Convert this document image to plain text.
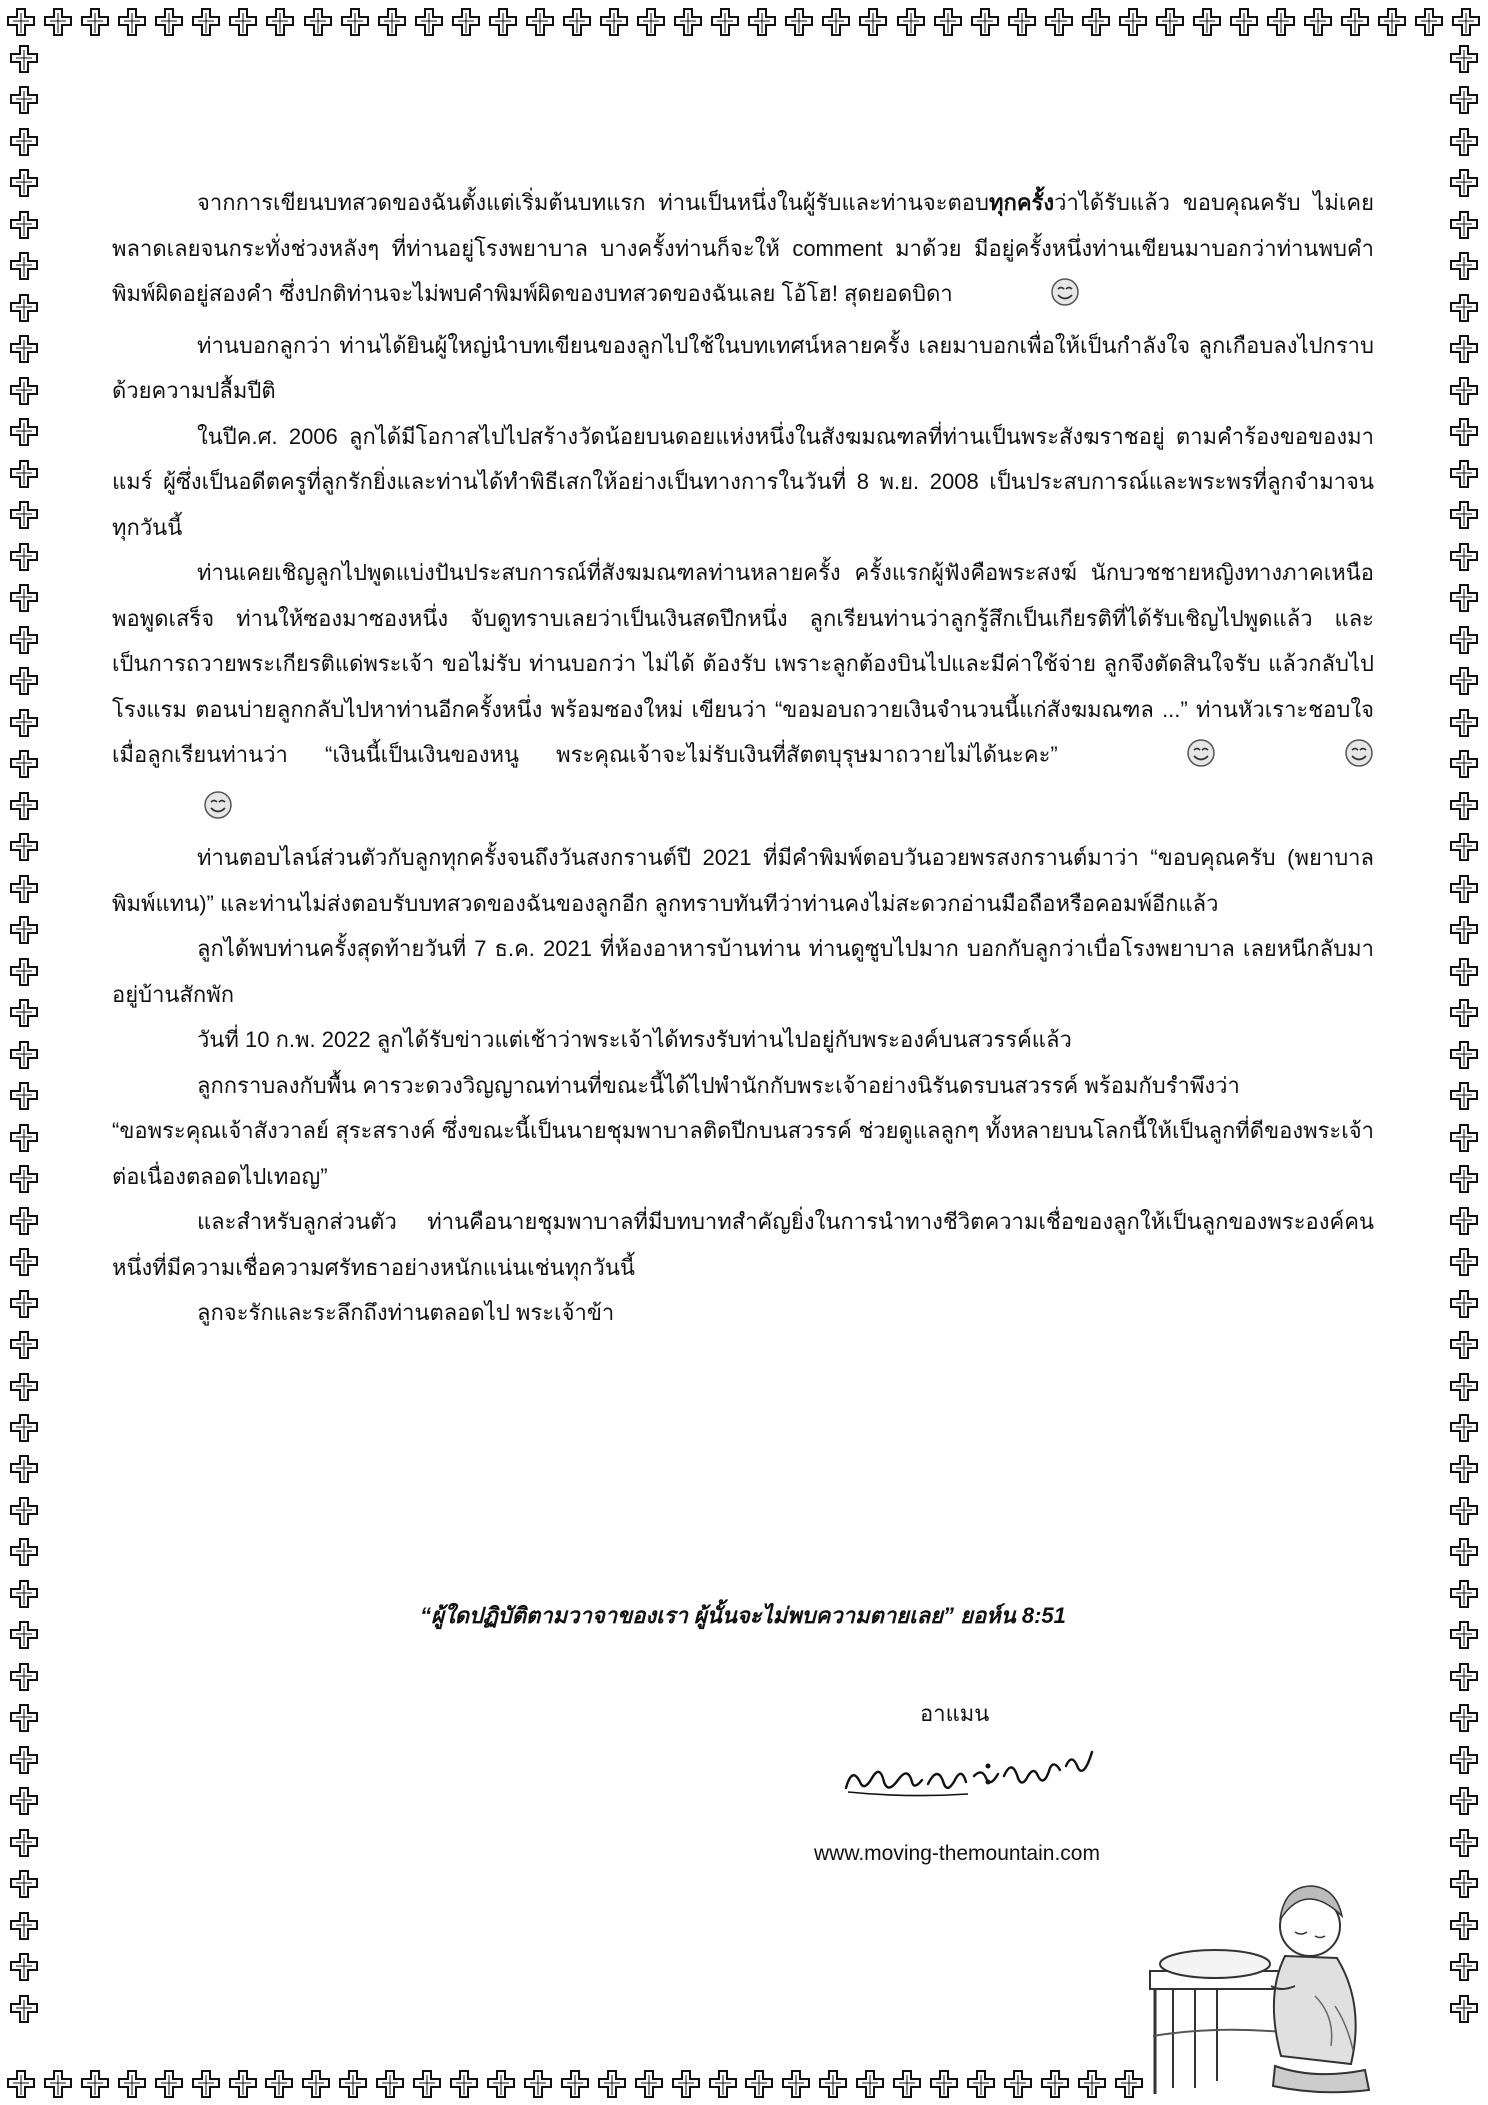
จากการเขียนบทสวดของฉันตั้งแต่เริ่มต้นบทแรก ท่านเป็นหนึ่งในผู้รับและท่านจะตอบทุกครั้งว่าได้รับแล้ว ขอบคุณครับ ไม่เคยพลาดเลยจนกระทั่งช่วงหลังๆ ที่ท่านอยู่โรงพยาบาล บางครั้งท่านก็จะให้ comment มาด้วย มีอยู่ครั้งหนึ่งท่านเขียนมาบอกว่าท่านพบคำพิมพ์ผิดอยู่สองคำ ซึ่งปกติท่านจะไม่พบคำพิมพ์ผิดของบทสวดของฉันเลย โอ้โฮ! สุดยอดบิดา

ท่านบอกลูกว่า ท่านได้ยินผู้ใหญ่นำบทเขียนของลูกไปใช้ในบทเทศน์หลายครั้ง เลยมาบอกเพื่อให้เป็นกำลังใจ ลูกเกือบลงไปกราบด้วยความปลื้มปีติ

ในปีค.ศ. 2006 ลูกได้มีโอกาสไปไปสร้างวัดน้อยบนดอยแห่งหนึ่งในสังฆมณฑลที่ท่านเป็นพระสังฆราชอยู่ ตามคำร้องขอของมาแมร์ ผู้ซึ่งเป็นอดีตครูที่ลูกรักยิ่งและท่านได้ทำพิธีเสกให้อย่างเป็นทางการในวันที่ 8 พ.ย. 2008 เป็นประสบการณ์และพระพรที่ลูกจำมาจนทุกวันนี้

ท่านเคยเชิญลูกไปพูดแบ่งปันประสบการณ์ที่สังฆมณฑลท่านหลายครั้ง ครั้งแรกผู้ฟังคือพระสงฆ์ นักบวชชายหญิงทางภาคเหนือ พอพูดเสร็จ ท่านให้ซองมาซองหนึ่ง จับดูทราบเลยว่าเป็นเงินสดปึกหนึ่ง ลูกเรียนท่านว่าลูกรู้สึกเป็นเกียรติที่ได้รับเชิญไปพูดแล้ว และเป็นการถวายพระเกียรติแด่พระเจ้า ขอไม่รับ ท่านบอกว่า ไม่ได้ ต้องรับ เพราะลูกต้องบินไปและมีค่าใช้จ่าย ลูกจึงตัดสินใจรับ แล้วกลับไปโรงแรม ตอนบ่ายลูกกลับไปหาท่านอีกครั้งหนึ่ง พร้อมซองใหม่ เขียนว่า “ขอมอบถวายเงินจำนวนนี้แก่สังฆมณฑล ...” ท่านหัวเราะชอบใจ เมื่อลูกเรียนท่านว่า “เงินนี้เป็นเงินของหนู พระคุณเจ้าจะไม่รับเงินที่สัตตบุรุษมาถวายไม่ได้นะคะ”

ท่านตอบไลน์ส่วนตัวกับลูกทุกครั้งจนถึงวันสงกรานต์ปี 2021 ที่มีคำพิมพ์ตอบวันอวยพรสงกรานต์มาว่า “ขอบคุณครับ (พยาบาลพิมพ์แทน)” และท่านไม่ส่งตอบรับบทสวดของฉันของลูกอีก ลูกทราบทันทีว่าท่านคงไม่สะดวกอ่านมือถือหรือคอมพ์อีกแล้ว

ลูกได้พบท่านครั้งสุดท้ายวันที่ 7 ธ.ค. 2021 ที่ห้องอาหารบ้านท่าน ท่านดูซูบไปมาก บอกกับลูกว่าเบื่อโรงพยาบาล เลยหนีกลับมาอยู่บ้านสักพัก

วันที่ 10 ก.พ. 2022 ลูกได้รับข่าวแต่เช้าว่าพระเจ้าได้ทรงรับท่านไปอยู่กับพระองค์บนสวรรค์แล้ว

ลูกกราบลงกับพื้น คารวะดวงวิญญาณท่านที่ขณะนี้ได้ไปพำนักกับพระเจ้าอย่างนิรันดรบนสวรรค์ พร้อมกับรำพึงว่า

“ขอพระคุณเจ้าสังวาลย์ สุระสรางค์ ซึ่งขณะนี้เป็นนายชุมพาบาลติดปีกบนสวรรค์ ช่วยดูแลลูกๆ ทั้งหลายบนโลกนี้ให้เป็นลูกที่ดีของพระเจ้าต่อเนื่องตลอดไปเทอญ”

และสำหรับลูกส่วนตัว ท่านคือนายชุมพาบาลที่มีบทบาทสำคัญยิ่งในการนำทางชีวิตความเชื่อของลูกให้เป็นลูกของพระองค์คนหนึ่งที่มีความเชื่อความศรัทธาอย่างหนักแน่นเช่นทุกวันนี้

ลูกจะรักและระลึกถึงท่านตลอดไป พระเจ้าข้า

“ผู้ใดปฏิบัติตามวาจาของเรา ผู้นั้นจะไม่พบความตายเลย” ยอห์น 8:51
อาแมน
www.moving-themountain.com
